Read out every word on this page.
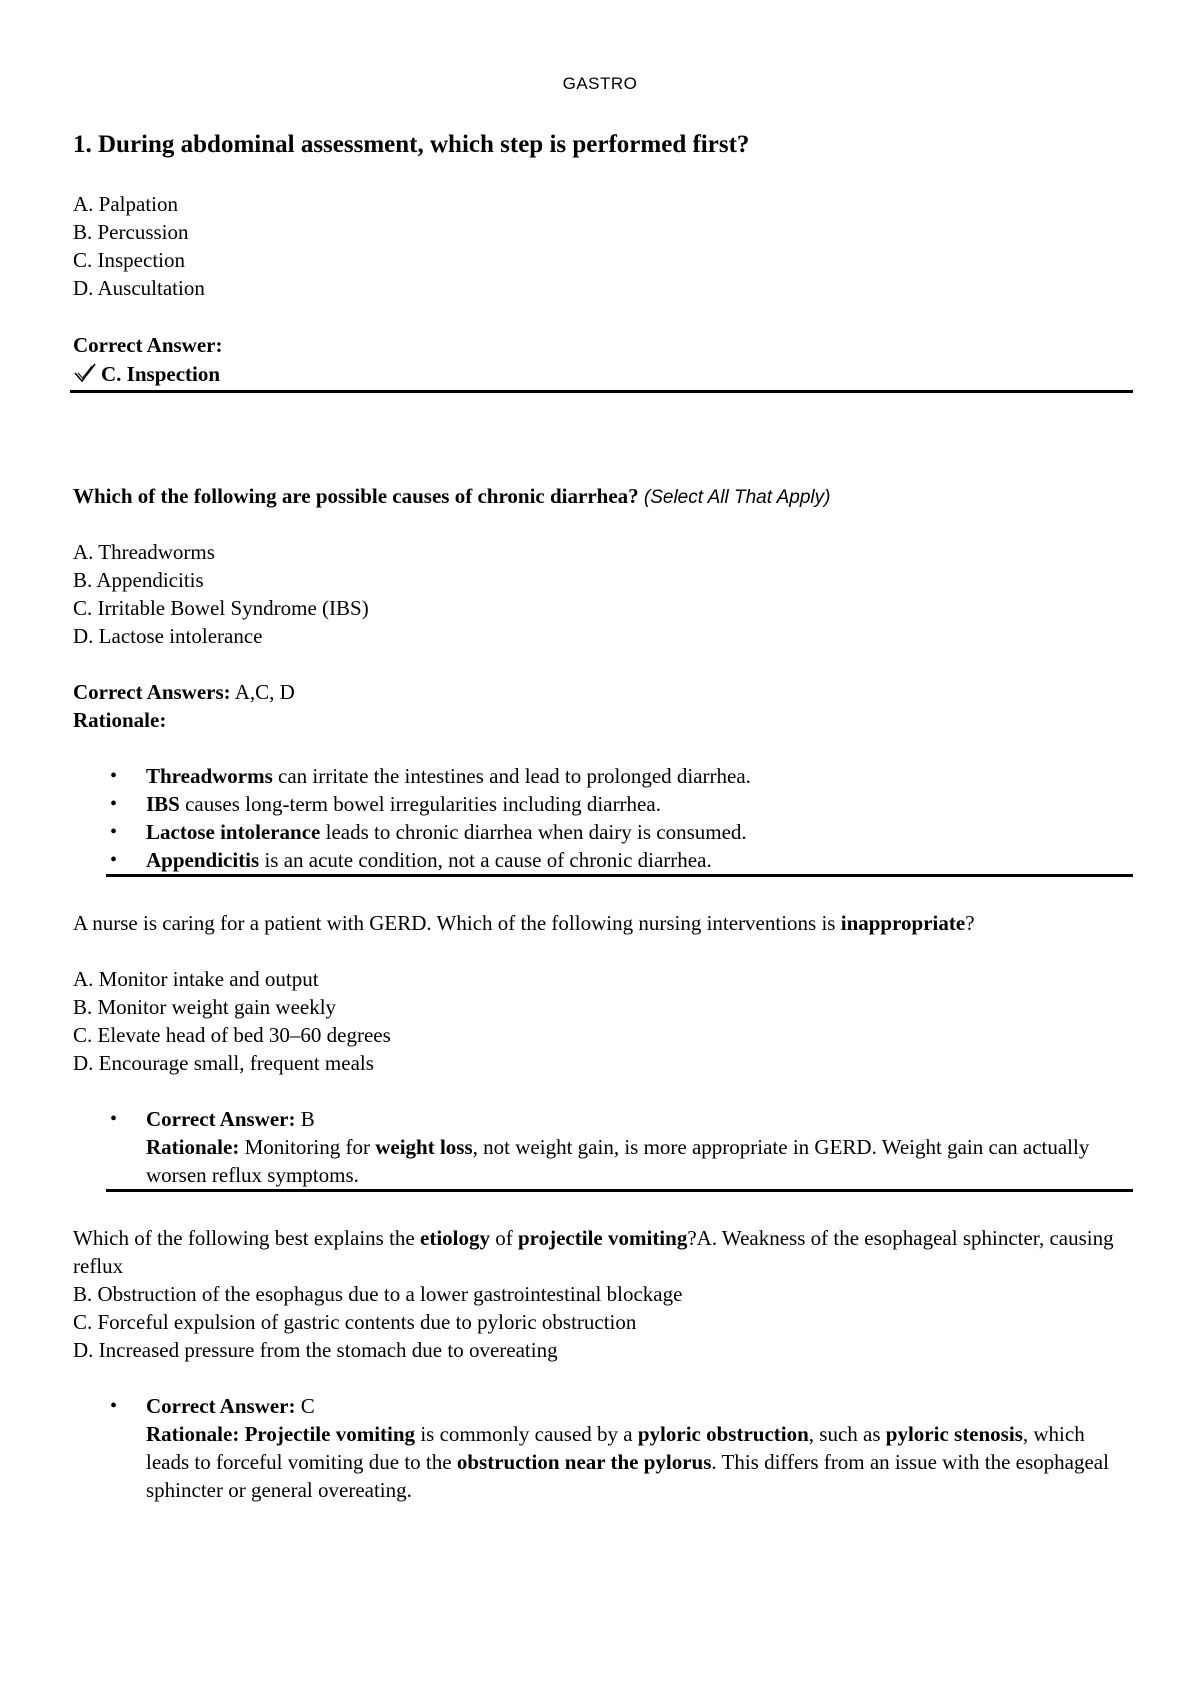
GASTRO
1. During abdominal assessment, which step is performed first?
A. Palpation
B. Percussion
C. Inspection
D. Auscultation
Correct Answer:
C. Inspection
Which of the following are possible causes of chronic diarrhea? (Select All That Apply)
A. Threadworms
B. Appendicitis
C. Irritable Bowel Syndrome (IBS)
D. Lactose intolerance
Correct Answers: A,C, D
Rationale:
• Threadworms can irritate the intestines and lead to prolonged diarrhea.
• IBS causes long-term bowel irregularities including diarrhea.
• Lactose intolerance leads to chronic diarrhea when dairy is consumed.
• Appendicitis is an acute condition, not a cause of chronic diarrhea.
A nurse is caring for a patient with GERD. Which of the following nursing interventions is inappropriate?
A. Monitor intake and output
B. Monitor weight gain weekly
C. Elevate head of bed 30–60 degrees
D. Encourage small, frequent meals
• Correct Answer: B
Rationale: Monitoring for weight loss, not weight gain, is more appropriate in GERD. Weight gain can actually worsen reflux symptoms.
Which of the following best explains the etiology of projectile vomiting?A. Weakness of the esophageal sphincter, causing reflux
B. Obstruction of the esophagus due to a lower gastrointestinal blockage
C. Forceful expulsion of gastric contents due to pyloric obstruction
D. Increased pressure from the stomach due to overeating
• Correct Answer: C
Rationale: Projectile vomiting is commonly caused by a pyloric obstruction, such as pyloric stenosis, which leads to forceful vomiting due to the obstruction near the pylorus. This differs from an issue with the esophageal sphincter or general overeating.
